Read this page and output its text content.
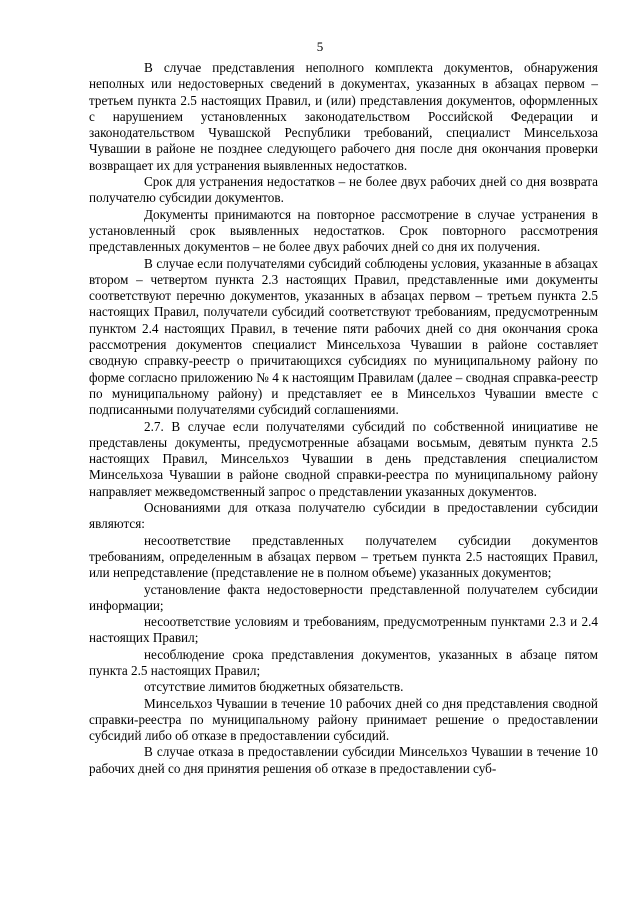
5

В случае представления неполного комплекта документов, обнаружения неполных или недостоверных сведений в документах, указанных в абзацах первом – третьем пункта 2.5 настоящих Правил, и (или) представления документов, оформленных с нарушением установленных законодательством Российской Федерации и законодательством Чувашской Республики требований, специалист Минсельхоза Чувашии в районе не позднее следующего рабочего дня после дня окончания проверки возвращает их для устранения выявленных недостатков.

Срок для устранения недостатков – не более двух рабочих дней со дня возврата получателю субсидии документов.

Документы принимаются на повторное рассмотрение в случае устранения в установленный срок выявленных недостатков. Срок повторного рассмотрения представленных документов – не более двух рабочих дней со дня их получения.

В случае если получателями субсидий соблюдены условия, указанные в абзацах втором – четвертом пункта 2.3 настоящих Правил, представленные ими документы соответствуют перечню документов, указанных в абзацах первом – третьем пункта 2.5 настоящих Правил, получатели субсидий соответствуют требованиям, предусмотренным пунктом 2.4 настоящих Правил, в течение пяти рабочих дней со дня окончания срока рассмотрения документов специалист Минсельхоза Чувашии в районе составляет сводную справку-реестр о причитающихся субсидиях по муниципальному району по форме согласно приложению № 4 к настоящим Правилам (далее – сводная справка-реестр по муниципальному району) и представляет ее в Минсельхоз Чувашии вместе с подписанными получателями субсидий соглашениями.

2.7. В случае если получателями субсидий по собственной инициативе не представлены документы, предусмотренные абзацами восьмым, девятым пункта 2.5 настоящих Правил, Минсельхоз Чувашии в день представления специалистом Минсельхоза Чувашии в районе сводной справки-реестра по муниципальному району направляет межведомственный запрос о представлении указанных документов.

Основаниями для отказа получателю субсидии в предоставлении субсидии являются:

несоответствие представленных получателем субсидии документов требованиям, определенным в абзацах первом – третьем пункта 2.5 настоящих Правил, или непредставление (представление не в полном объеме) указанных документов;

установление факта недостоверности представленной получателем субсидии информации;

несоответствие условиям и требованиям, предусмотренным пунктами 2.3 и 2.4 настоящих Правил;

несоблюдение срока представления документов, указанных в абзаце пятом пункта 2.5 настоящих Правил;

отсутствие лимитов бюджетных обязательств.

Минсельхоз Чувашии в течение 10 рабочих дней со дня представления сводной справки-реестра по муниципальному району принимает решение о предоставлении субсидий либо об отказе в предоставлении субсидий.

В случае отказа в предоставлении субсидии Минсельхоз Чувашии в течение 10 рабочих дней со дня принятия решения об отказе в предоставлении суб-
